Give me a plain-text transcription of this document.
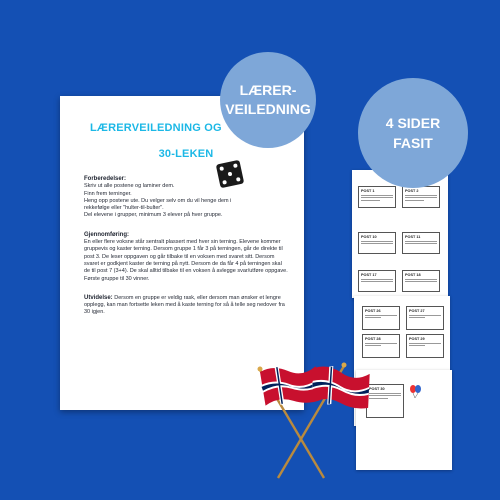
LÆRERVEILEDNING OG
30-LEKEN

Forberedelser:

Skriv ut alle postene og laminer dem.

Finn frem terninger.

Heng opp postene ute. Du velger selv om du vil henge dem i

rekkefølge eller "hulter-til-bulter".

Del elevene i grupper, minimum 3 elever på hver gruppe.

Gjennomføring:

En eller flere voksne står sentralt plassert med hver sin terning. Elevene kommer gruppevis og kaster terning. Dersom gruppe 1 får 3 på terningen, går de direkte til post 3. De leser oppgaven og går tilbake til en voksen med svaret sitt. Dersom svaret er godkjent kaster de terning på nytt. Dersom de da får 4 på terningen skal de til post 7 (3+4). De skal alltid tilbake til en voksen å avlegge svar/utføre oppgave. Første gruppe til 30 vinner.

Utvidelse: Dersom en gruppe er veldig rask, eller dersom man ønsker et lengre opplegg, kan man fortsette leken med å kaste terning for så å telle seg nedover fra 30 igjen.

POST 1	POST 2
POST 10	POST 11
POST 17	POST 18
POST 26	POST 27
POST 28	POST 29
POST 30
LÆRER-
VEILEDNING
4 SIDER
FASIT
